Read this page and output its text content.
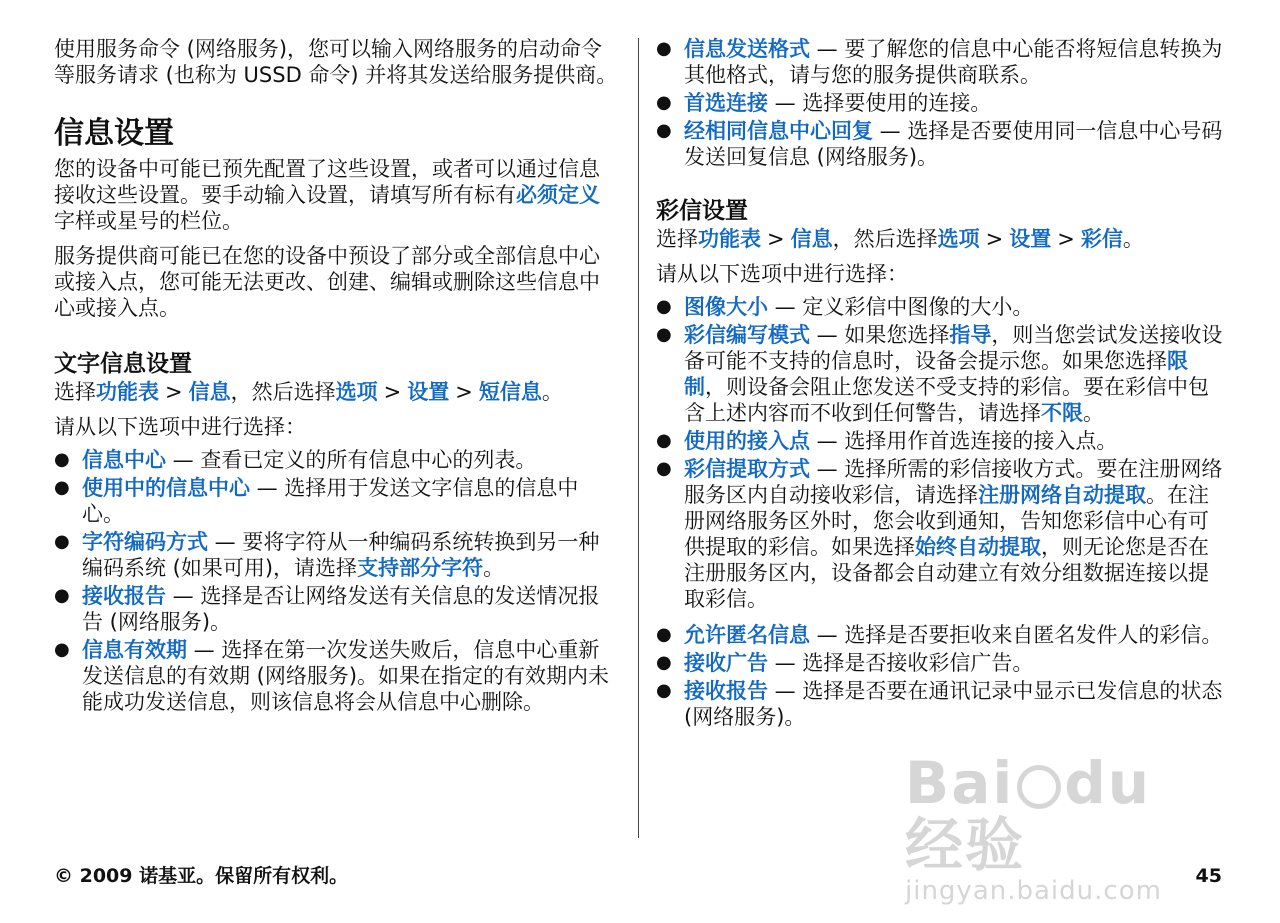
使用服务命令 (网络服务)，您可以输入网络服务的启动命令等服务请求 (也称为 USSD 命令) 并将其发送给服务提供商。

信息设置

您的设备中可能已预先配置了这些设置，或者可以通过信息接收这些设置。要手动输入设置，请填写所有标有必须定义字样或星号的栏位。

服务提供商可能已在您的设备中预设了部分或全部信息中心或接入点，您可能无法更改、创建、编辑或删除这些信息中心或接入点。

文字信息设置

选择功能表 > 信息，然后选择选项 > 设置 > 短信息。

请从以下选项中进行选择：

● 信息中心 — 查看已定义的所有信息中心的列表。
● 使用中的信息中心 — 选择用于发送文字信息的信息中心。
● 字符编码方式 — 要将字符从一种编码系统转换到另一种编码系统 (如果可用)，请选择支持部分字符。
● 接收报告 — 选择是否让网络发送有关信息的发送情况报告 (网络服务)。
● 信息有效期 — 选择在第一次发送失败后，信息中心重新发送信息的有效期 (网络服务)。如果在指定的有效期内未能成功发送信息，则该信息将会从信息中心删除。
● 信息发送格式 — 要了解您的信息中心能否将短信息转换为其他格式，请与您的服务提供商联系。
● 首选连接 — 选择要使用的连接。
● 经相同信息中心回复 — 选择是否要使用同一信息中心号码发送回复信息 (网络服务)。
彩信设置

选择功能表 > 信息，然后选择选项 > 设置 > 彩信。

请从以下选项中进行选择：

● 图像大小 — 定义彩信中图像的大小。
● 彩信编写模式 — 如果您选择指导，则当您尝试发送接收设备可能不支持的信息时，设备会提示您。如果您选择限制，则设备会阻止您发送不受支持的彩信。要在彩信中包含上述内容而不收到任何警告，请选择不限。
● 使用的接入点 — 选择用作首选连接的接入点。
● 彩信提取方式 — 选择所需的彩信接收方式。要在注册网络服务区内自动接收彩信，请选择注册网络自动提取。在注册网络服务区外时，您会收到通知，告知您彩信中心有可供提取的彩信。如果选择始终自动提取，则无论您是否在注册服务区内，设备都会自动建立有效分组数据连接以提取彩信。
● 允许匿名信息 — 选择是否要拒收来自匿名发件人的彩信。
● 接收广告 — 选择是否接收彩信广告。
● 接收报告 — 选择是否要在通讯记录中显示已发信息的状态 (网络服务)。
Bai du经验
jingyan.baidu.com
© 2009 诺基亚。保留所有权利。	45
